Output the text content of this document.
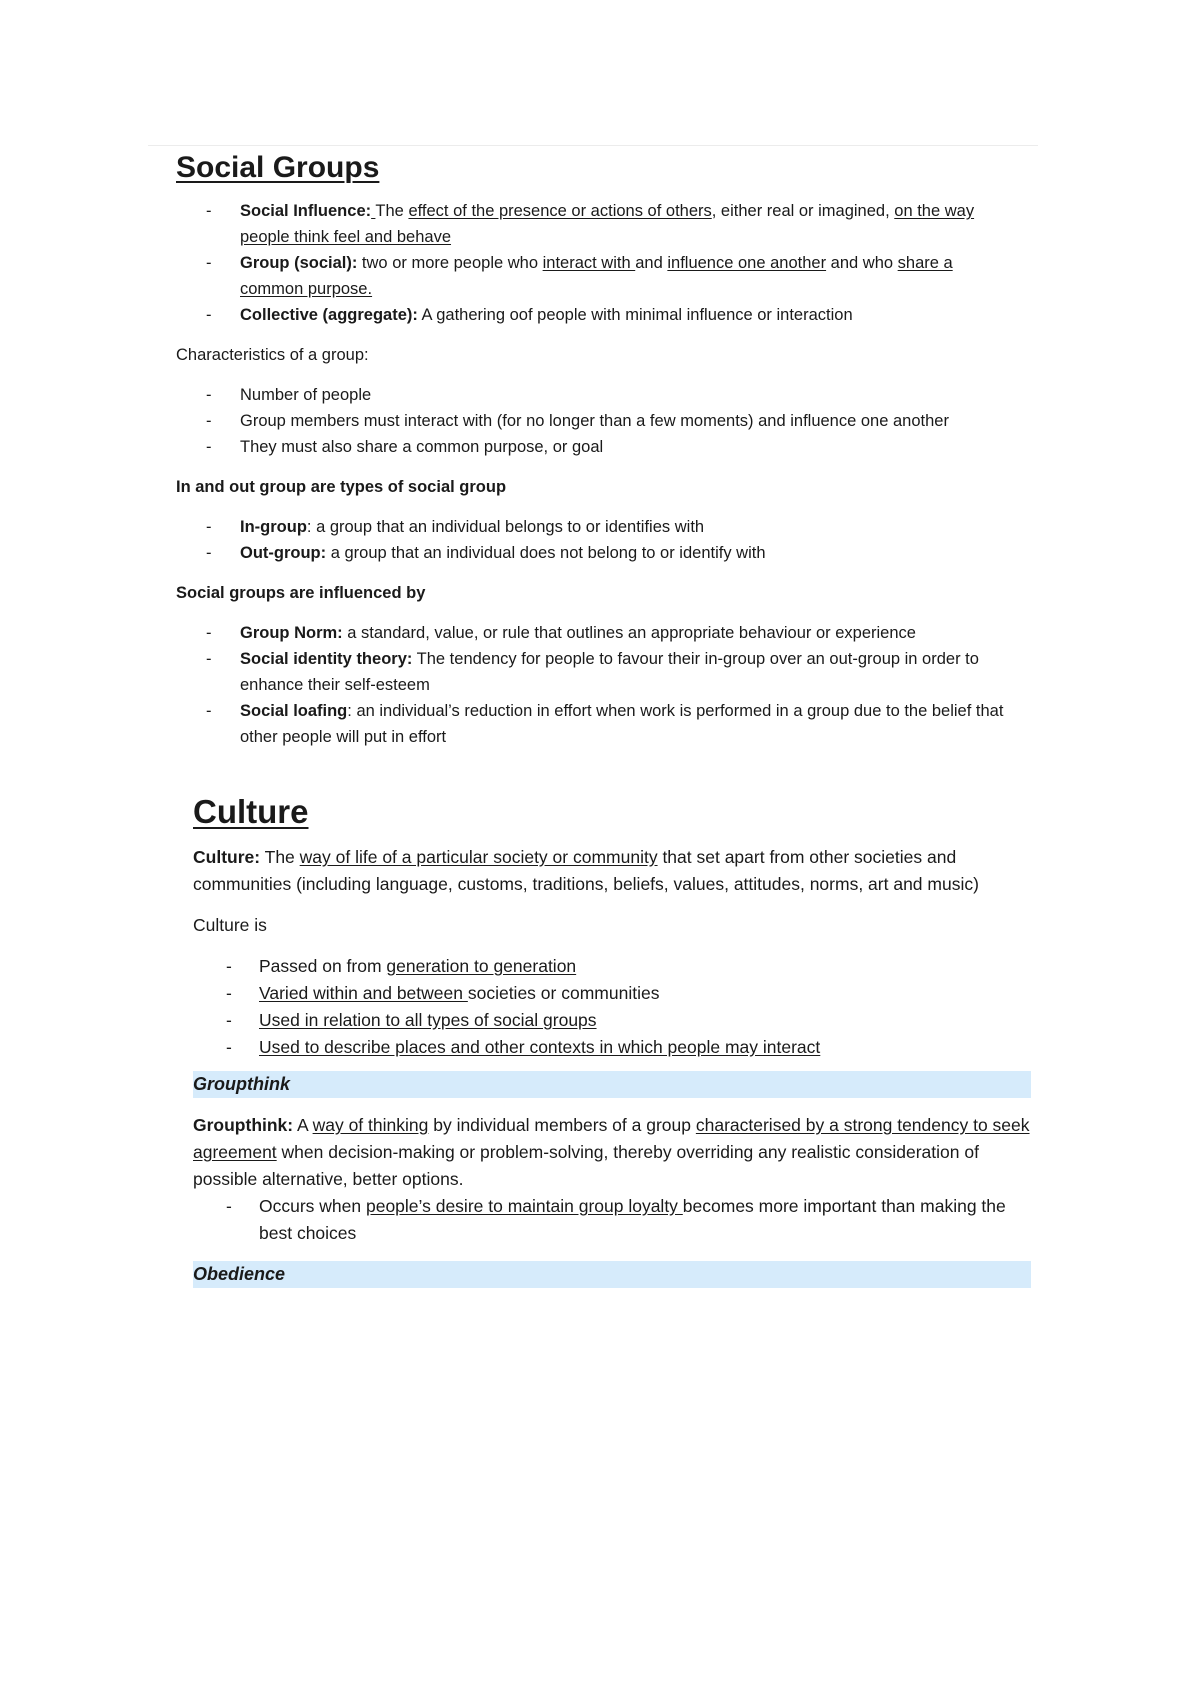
Social Groups
- Social Influence: The effect of the presence or actions of others, either real or imagined, on the way people think feel and behave
- Group (social): two or more people who interact with and influence one another and who share a common purpose.
- Collective (aggregate): A gathering oof people with minimal influence or interaction

Characteristics of a group:

- Number of people
- Group members must interact with (for no longer than a few moments) and influence one another
- They must also share a common purpose, or goal

In and out group are types of social group

- In-group: a group that an individual belongs to or identifies with
- Out-group: a group that an individual does not belong to or identify with

Social groups are influenced by

- Group Norm: a standard, value, or rule that outlines an appropriate behaviour or experience
- Social identity theory: The tendency for people to favour their in-group over an out-group in order to enhance their self-esteem
- Social loafing: an individual’s reduction in effort when work is performed in a group due to the belief that other people will put in effort
Culture

Culture: The way of life of a particular society or community that set apart from other societies and communities (including language, customs, traditions, beliefs, values, attitudes, norms, art and music)

Culture is

- Passed on from generation to generation
- Varied within and between societies or communities
- Used in relation to all types of social groups
- Used to describe places and other contexts in which people may interact
Groupthink

Groupthink: A way of thinking by individual members of a group characterised by a strong tendency to seek agreement when decision-making or problem-solving, thereby overriding any realistic consideration of possible alternative, better options.

- Occurs when people’s desire to maintain group loyalty becomes more important than making the best choices
Obedience
